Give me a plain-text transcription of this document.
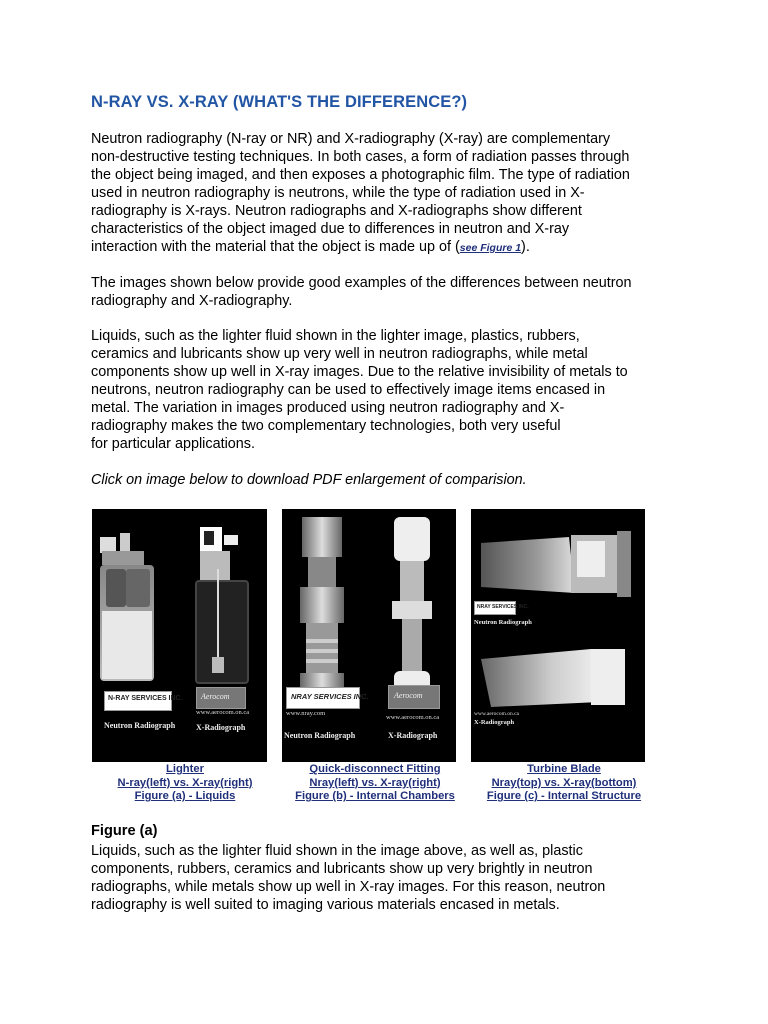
N-RAY VS. X-RAY (WHAT'S THE DIFFERENCE?)
Neutron radiography (N-ray or NR) and X-radiography (X-ray) are complementary
non-destructive testing techniques. In both cases, a form of radiation passes through
the object being imaged, and then exposes a photographic film. The type of radiation
used in neutron radiography is neutrons, while the type of radiation used in X-
radiography is X-rays. Neutron radiographs and X-radiographs show different
characteristics of the object imaged due to differences in neutron and X-ray
interaction with the material that the object is made up of (see Figure 1).
The images shown below provide good examples of the differences between neutron
radiography and X-radiography.
Liquids, such as the lighter fluid shown in the lighter image, plastics, rubbers,
ceramics and lubricants show up very well in neutron radiographs, while metal
components show up well in X-ray images. Due to the relative invisibility of metals to
neutrons, neutron radiography can be used to effectively image items encased in
metal. The variation in images produced using neutron radiography and X-
radiography makes the two complementary technologies, both very useful
for particular applications.
Click on image below to download PDF enlargement of comparision.
N-RAY SERVICES INC. Aerocom
www.aerocom.on.ca
Neutron Radiograph	X-Radiograph
NRAY SERVICES INC.	Aerocom
www.nray.com
www.aerocom.on.ca
Neutron Radiograph	X-Radiograph
NRAY SERVICES INC.
Neutron Radiograph
www.aerocom.on.ca
X-Radiograph
Lighter
N-ray(left) vs. X-ray(right)
Figure (a) - Liquids
Quick-disconnect Fitting
Nray(left) vs. X-ray(right)
Figure (b) - Internal Chambers
Turbine Blade
Nray(top) vs. X-ray(bottom)
Figure (c) - Internal Structure
Figure (a)
Liquids, such as the lighter fluid shown in the image above, as well as, plastic
components, rubbers, ceramics and lubricants show up very brightly in neutron
radiographs, while metals show up well in X-ray images. For this reason, neutron
radiography is well suited to imaging various materials encased in metals.
